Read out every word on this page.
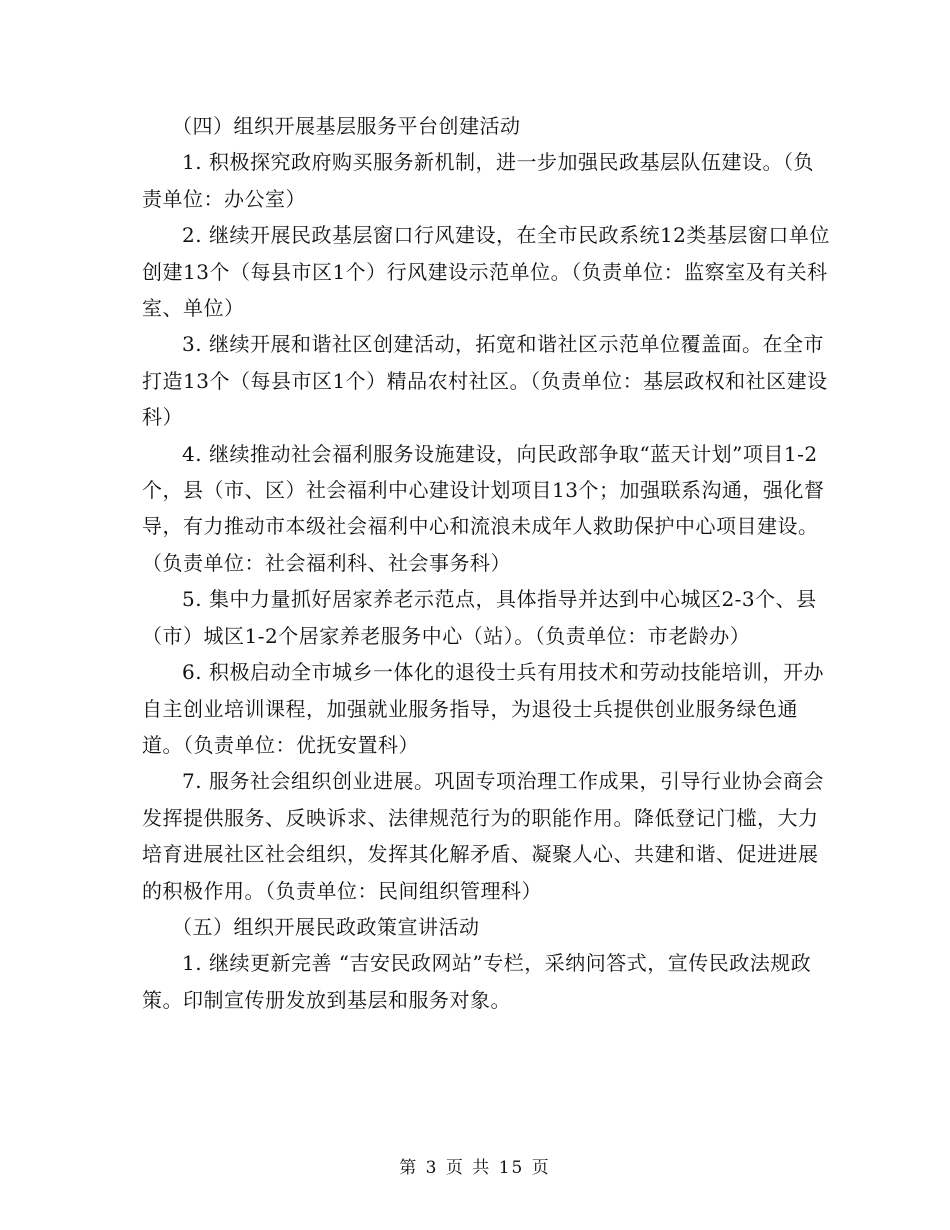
（四）组织开展基层服务平台创建活动

1. 积极探究政府购买服务新机制，进一步加强民政基层队伍建设。（负责单位：办公室）

2. 继续开展民政基层窗口行风建设，在全市民政系统12类基层窗口单位创建13个（每县市区1个）行风建设示范单位。（负责单位：监察室及有关科室、单位）

3. 继续开展和谐社区创建活动，拓宽和谐社区示范单位覆盖面。在全市打造13个（每县市区1个）精品农村社区。（负责单位：基层政权和社区建设科）

4. 继续推动社会福利服务设施建设，向民政部争取“蓝天计划”项目1-2个，县（市、区）社会福利中心建设计划项目13个；加强联系沟通，强化督导，有力推动市本级社会福利中心和流浪未成年人救助保护中心项目建设。（负责单位：社会福利科、社会事务科）

5. 集中力量抓好居家养老示范点，具体指导并达到中心城区2-3个、县（市）城区1-2个居家养老服务中心（站）。（负责单位：市老龄办）

6. 积极启动全市城乡一体化的退役士兵有用技术和劳动技能培训，开办自主创业培训课程，加强就业服务指导，为退役士兵提供创业服务绿色通道。（负责单位：优抚安置科）

7. 服务社会组织创业进展。巩固专项治理工作成果，引导行业协会商会发挥提供服务、反映诉求、法律规范行为的职能作用。降低登记门槛，大力培育进展社区社会组织，发挥其化解矛盾、凝聚人心、共建和谐、促进进展的积极作用。（负责单位：民间组织管理科）

（五）组织开展民政政策宣讲活动

1. 继续更新完善 “吉安民政网站”专栏，采纳问答式，宣传民政法规政策。印制宣传册发放到基层和服务对象。

第 3 页 共 15 页
